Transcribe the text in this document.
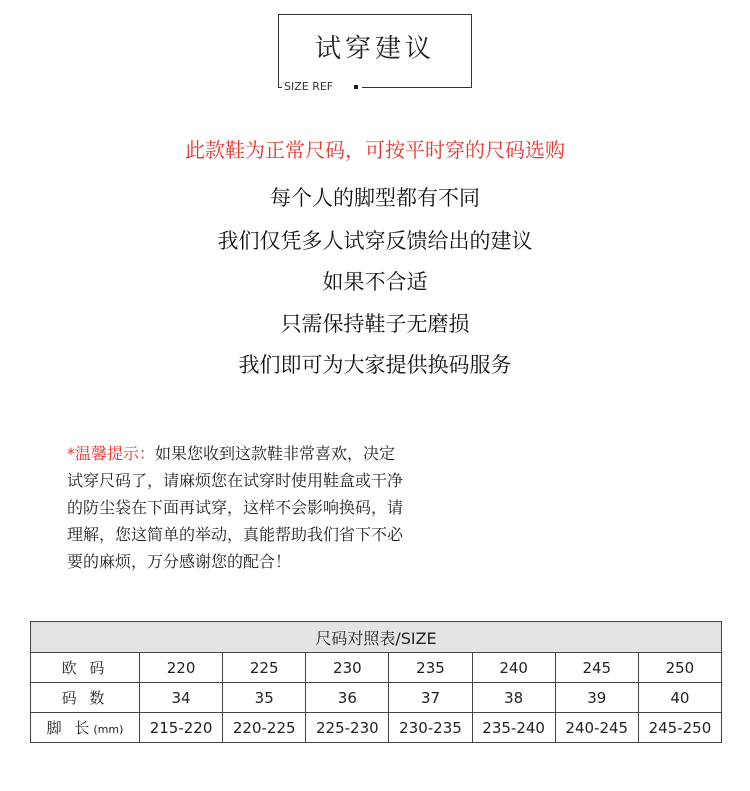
试穿建议
SIZE REF
此款鞋为正常尺码，可按平时穿的尺码选购
每个人的脚型都有不同
我们仅凭多人试穿反馈给出的建议
如果不合适
只需保持鞋子无磨损
我们即可为大家提供换码服务
*温馨提示：如果您收到这款鞋非常喜欢，决定
试穿尺码了，请麻烦您在试穿时使用鞋盒或干净
的防尘袋在下面再试穿，这样不会影响换码，请
理解，您这简单的举动，真能帮助我们省下不必
要的麻烦，万分感谢您的配合！
尺码对照表/SIZE							
欧 码	220	225	230	235	240	245	250
码 数	34	35	36	37	38	39	40
脚 长(mm)	215-220	220-225	225-230	230-235	235-240	240-245	245-250
